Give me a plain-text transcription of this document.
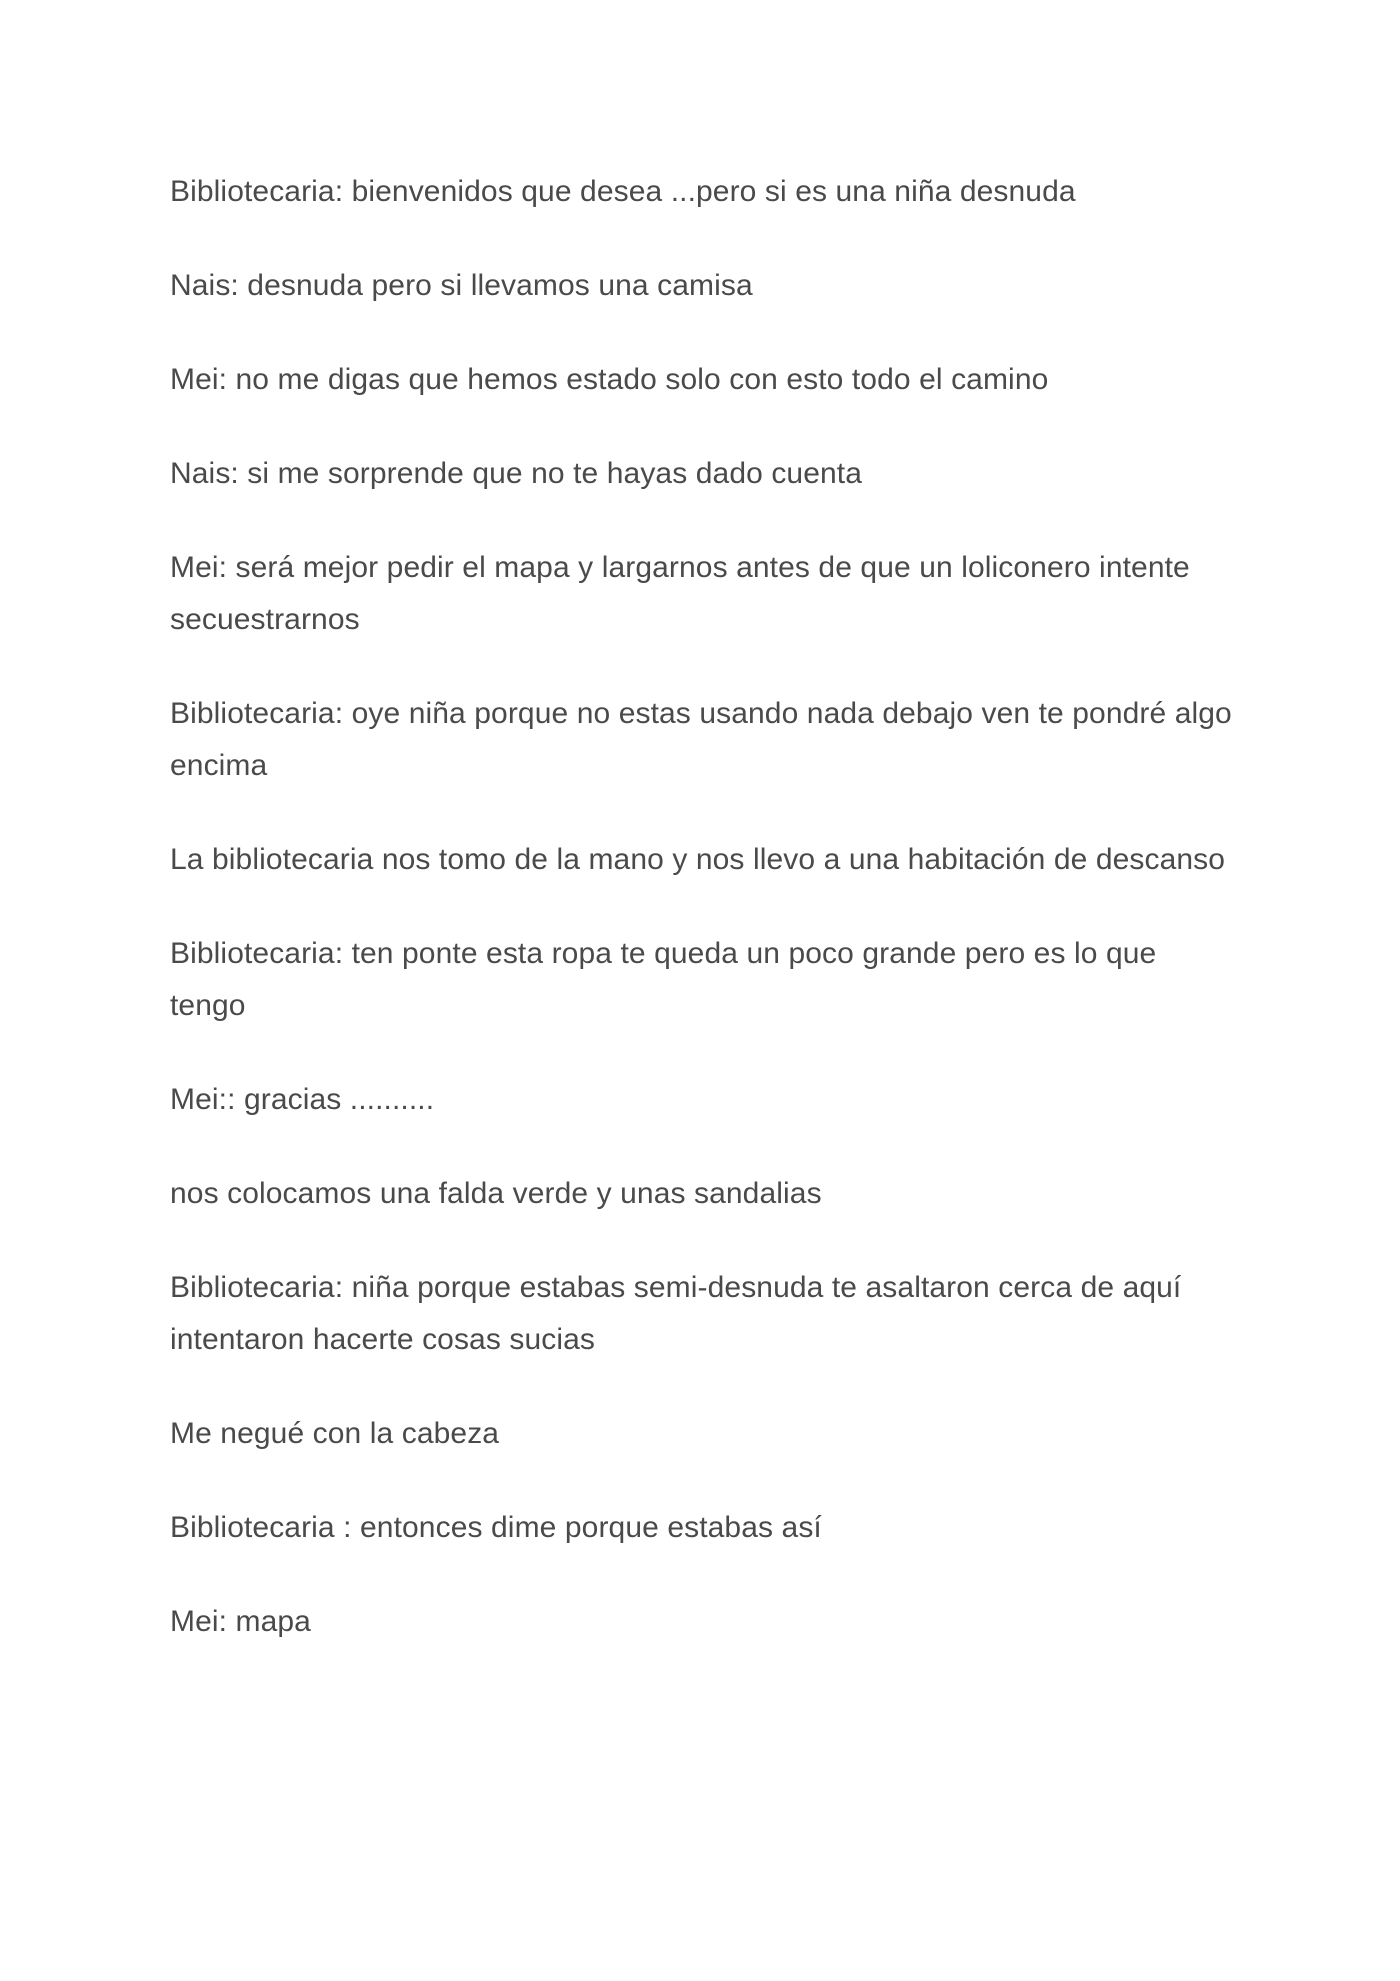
Bibliotecaria: bienvenidos que desea ...pero si es una niña desnuda

Nais: desnuda pero si llevamos una camisa

Mei: no me digas que hemos estado solo con esto todo el camino

Nais: si me sorprende que no te hayas dado cuenta

Mei: será mejor pedir el mapa y largarnos antes de que un loliconero intente secuestrarnos

Bibliotecaria: oye niña porque no estas usando nada debajo ven te pondré algo encima

La bibliotecaria nos tomo de la mano y nos llevo a una habitación de descanso

Bibliotecaria: ten ponte esta ropa te queda un poco grande pero es lo que tengo

Mei:: gracias ..........

nos colocamos una falda verde y unas sandalias

Bibliotecaria: niña porque estabas semi-desnuda te asaltaron cerca de aquí intentaron hacerte cosas sucias

Me negué con la cabeza

Bibliotecaria : entonces dime porque estabas así

Mei: mapa
